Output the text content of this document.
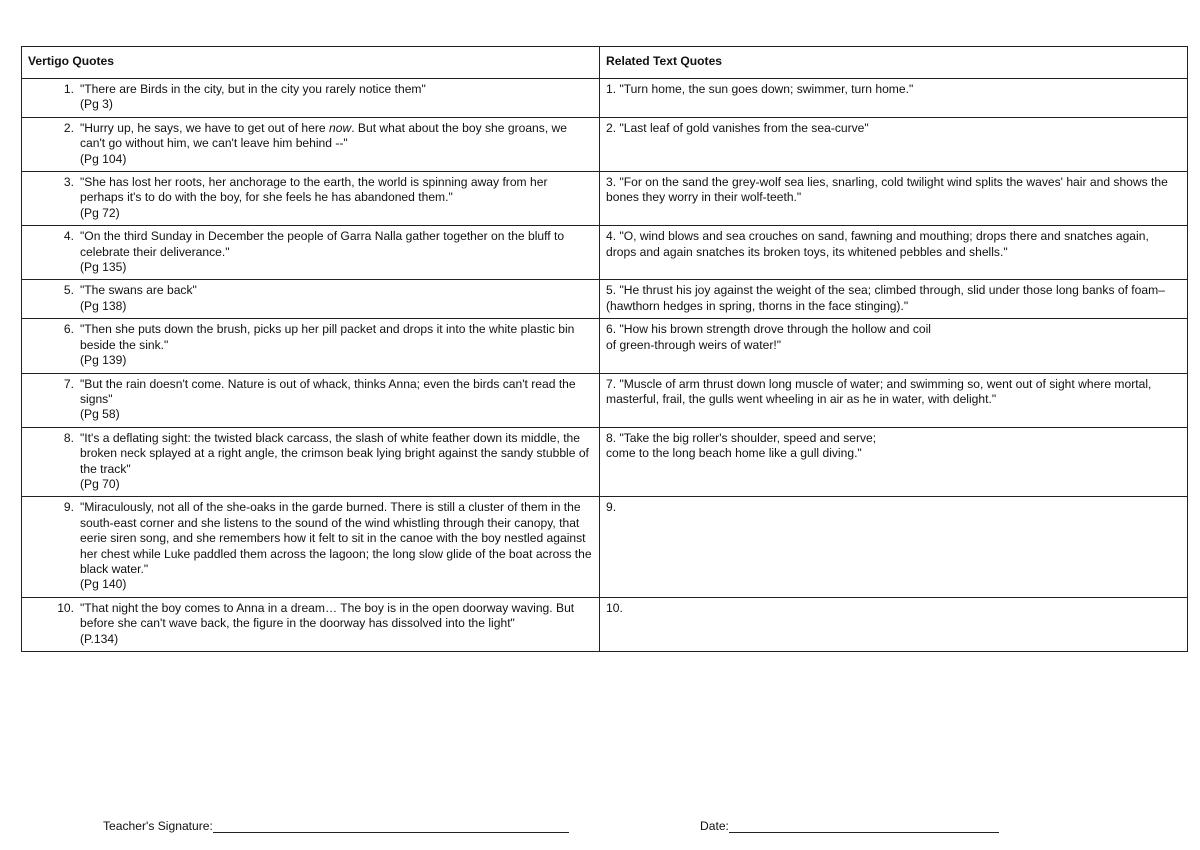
Vertigo Quotes	Related Text Quotes

1. "There are Birds in the city, but in the city you rarely notice them"
(Pg 3)	1. "Turn home, the sun goes down; swimmer, turn home."

2. "Hurry up, he says, we have to get out of here now. But what about the boy she groans, we can't go without him, we can't leave him behind --"
(Pg 104)	2. "Last leaf of gold vanishes from the sea-curve"

3. "She has lost her roots, her anchorage to the earth, the world is spinning away from her perhaps it's to do with the boy, for she feels he has abandoned them."
(Pg 72)	3. "For on the sand the grey-wolf sea lies, snarling, cold twilight wind splits the waves' hair and shows the bones they worry in their wolf-teeth."

4. "On the third Sunday in December the people of Garra Nalla gather together on the bluff to celebrate their deliverance."
(Pg 135)	4. "O, wind blows and sea crouches on sand, fawning and mouthing; drops there and snatches again, drops and again snatches its broken toys, its whitened pebbles and shells."

5. "The swans are back"
(Pg 138)	5. "He thrust his joy against the weight of the sea; climbed through, slid under those long banks of foam–(hawthorn hedges in spring, thorns in the face stinging)."

6. "Then she puts down the brush, picks up her pill packet and drops it into the white plastic bin beside the sink."
(Pg 139)	6. "How his brown strength drove through the hollow and coil
of green-through weirs of water!"

7. "But the rain doesn't come. Nature is out of whack, thinks Anna; even the birds can't read the signs"
(Pg 58)	7. "Muscle of arm thrust down long muscle of water; and swimming so, went out of sight where mortal, masterful, frail, the gulls went wheeling in air as he in water, with delight."

8. "It's a deflating sight: the twisted black carcass, the slash of white feather down its middle, the broken neck splayed at a right angle, the crimson beak lying bright against the sandy stubble of the track"
(Pg 70)	8. "Take the big roller's shoulder, speed and serve;
come to the long beach home like a gull diving."

9. "Miraculously, not all of the she-oaks in the garde burned. There is still a cluster of them in the south-east corner and she listens to the sound of the wind whistling through their canopy, that eerie siren song, and she remembers how it felt to sit in the canoe with the boy nestled against her chest while Luke paddled them across the lagoon; the long slow glide of the boat across the black water."
(Pg 140)	9.

10. "That night the boy comes to Anna in a dream… The boy is in the open doorway waving. But before she can't wave back, the figure in the doorway has dissolved into the light"
(P.134)	10.
Teacher's Signature:	Date:
